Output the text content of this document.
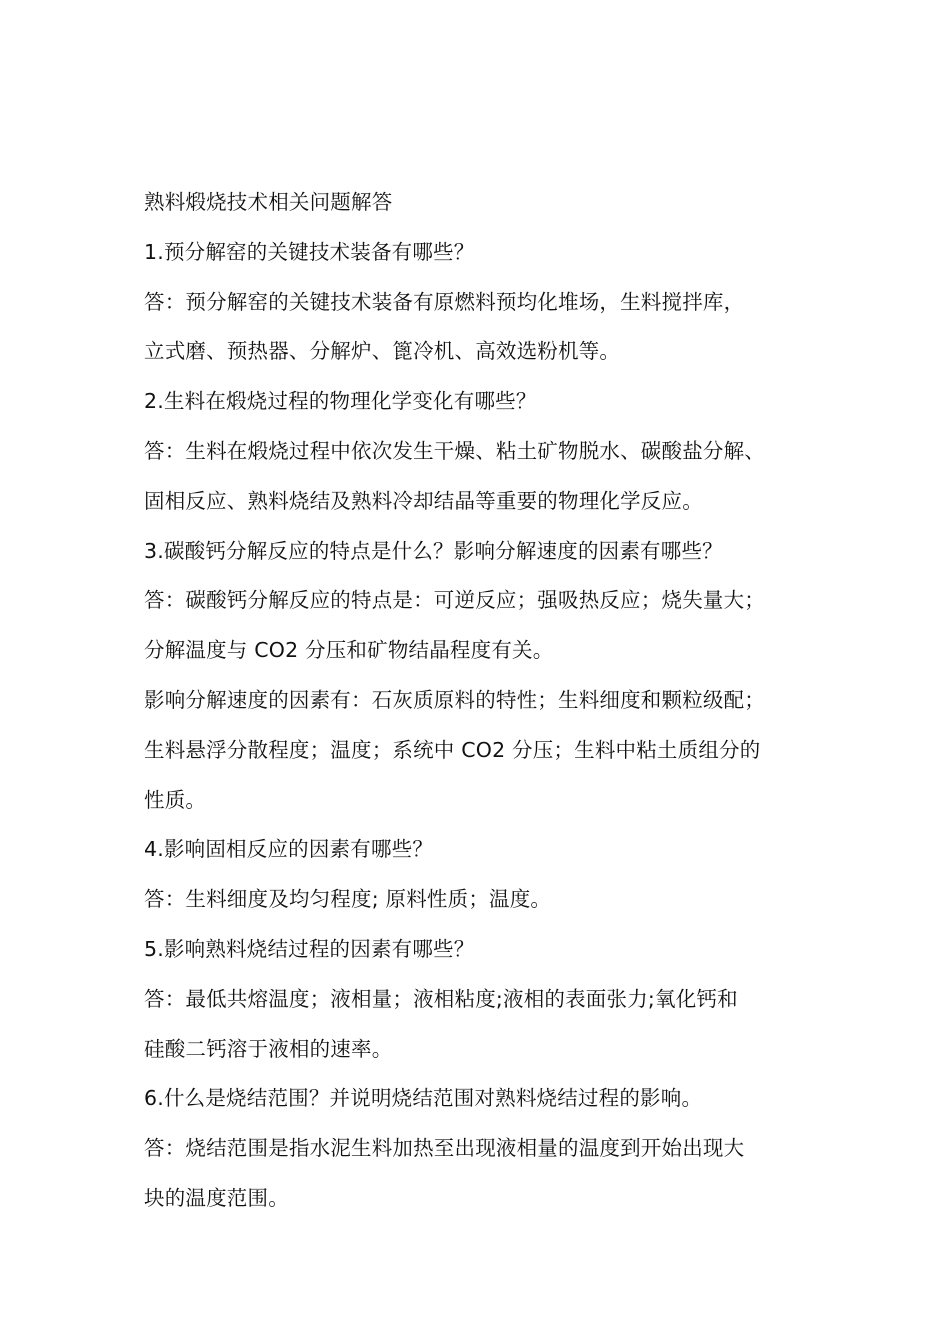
熟料煅烧技术相关问题解答
1.预分解窑的关键技术装备有哪些？
答：预分解窑的关键技术装备有原燃料预均化堆场，生料搅拌库，
立式磨、预热器、分解炉、篦冷机、高效选粉机等。
2.生料在煅烧过程的物理化学变化有哪些？
答：生料在煅烧过程中依次发生干燥、粘土矿物脱水、碳酸盐分解、
固相反应、熟料烧结及熟料冷却结晶等重要的物理化学反应。
3.碳酸钙分解反应的特点是什么？影响分解速度的因素有哪些？
答：碳酸钙分解反应的特点是：可逆反应；强吸热反应；烧失量大；
分解温度与 CO2 分压和矿物结晶程度有关。
影响分解速度的因素有：石灰质原料的特性；生料细度和颗粒级配；
生料悬浮分散程度；温度；系统中 CO2 分压；生料中粘土质组分的
性质。
4.影响固相反应的因素有哪些？
答：生料细度及均匀程度; 原料性质；温度。
5.影响熟料烧结过程的因素有哪些？
答：最低共熔温度；液相量；液相粘度;液相的表面张力;氧化钙和
硅酸二钙溶于液相的速率。
6.什么是烧结范围？并说明烧结范围对熟料烧结过程的影响。
答：烧结范围是指水泥生料加热至出现液相量的温度到开始出现大
块的温度范围。
